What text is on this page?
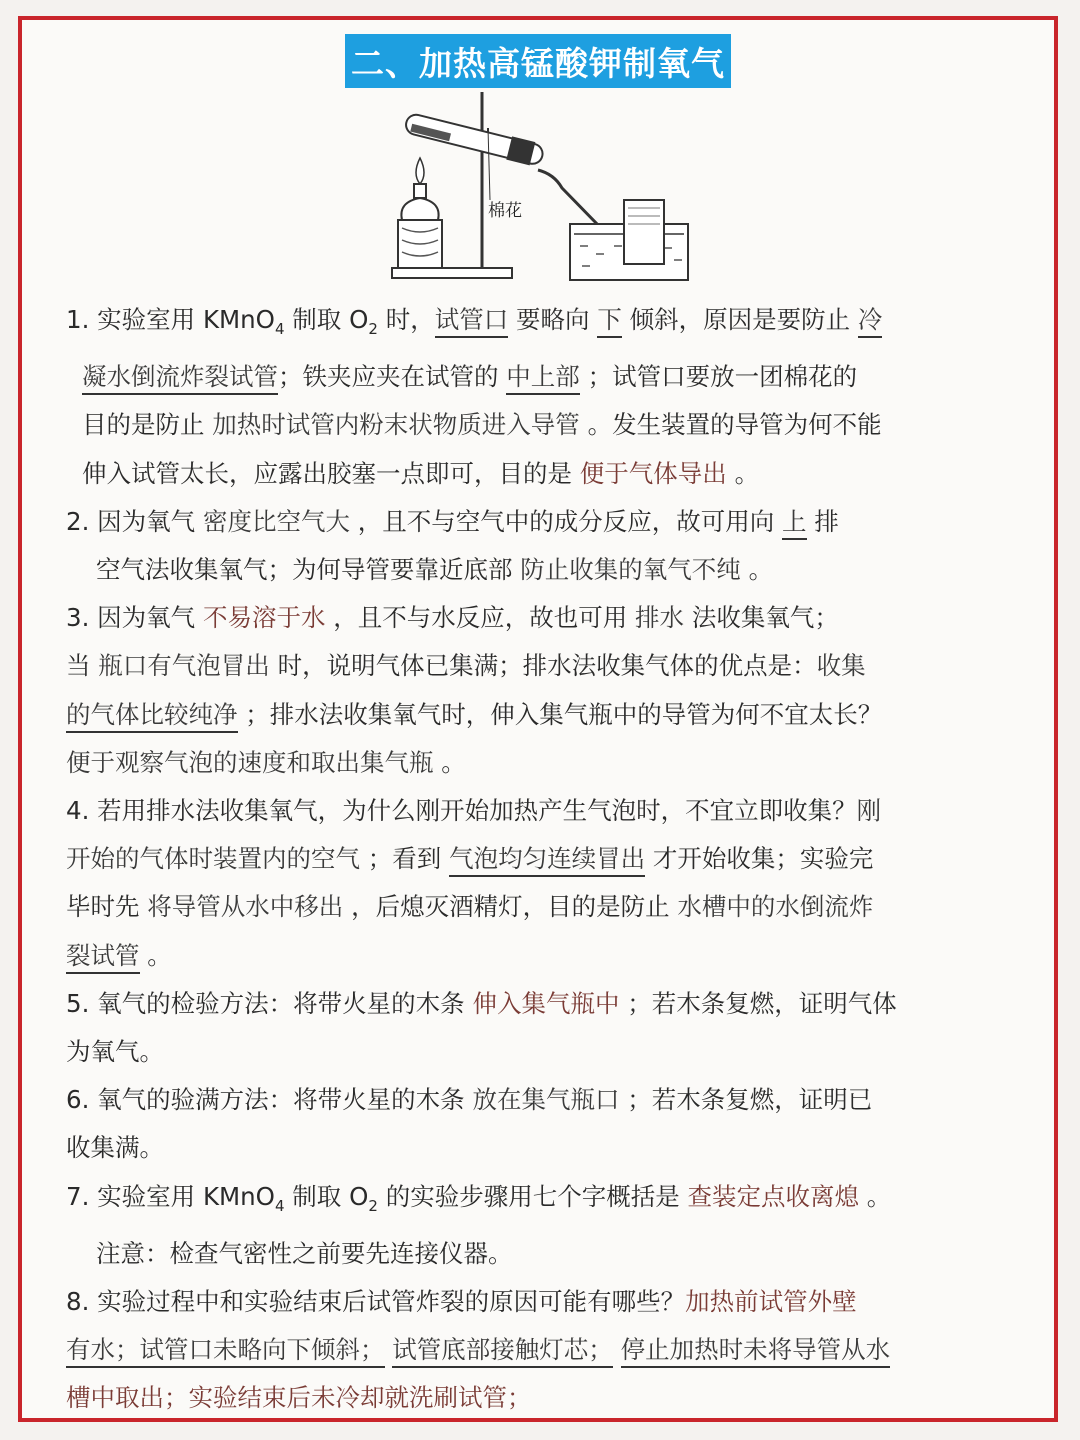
二、加热高锰酸钾制氧气
棉花

1. 实验室用 KMnO$_4$ 制取 $O_2$ 时，试管口 要略向 下 倾斜，原因是要防止 冷

凝水倒流炸裂试管；铁夹应夹在试管的 中上部 ；试管口要放一团棉花的

目的是防止 加热时试管内粉末状物质进入导管 。发生装置的导管为何不能

伸入试管太长，应露出胶塞一点即可，目的是 便于气体导出 。

2. 因为氧气 密度比空气大 ，且不与空气中的成分反应，故可用向 上 排

空气法收集氧气；为何导管要靠近底部 防止收集的氧气不纯 。

3. 因为氧气 不易溶于水 ，且不与水反应，故也可用 排水 法收集氧气；

当 瓶口有气泡冒出 时，说明气体已集满；排水法收集气体的优点是：收集

的气体比较纯净 ；排水法收集氧气时，伸入集气瓶中的导管为何不宜太长？

便于观察气泡的速度和取出集气瓶 。

4. 若用排水法收集氧气，为什么刚开始加热产生气泡时，不宜立即收集？刚

开始的气体时装置内的空气 ；看到 气泡均匀连续冒出 才开始收集；实验完

毕时先 将导管从水中移出 ，后熄灭酒精灯，目的是防止 水槽中的水倒流炸

裂试管 。

5. 氧气的检验方法：将带火星的木条 伸入集气瓶中 ；若木条复燃，证明气体

为氧气。

6. 氧气的验满方法：将带火星的木条 放在集气瓶口 ；若木条复燃，证明已

收集满。

7. 实验室用 KMnO$_4$ 制取 $O_2$ 的实验步骤用七个字概括是 查装定点收离熄 。

注意：检查气密性之前要先连接仪器。

8. 实验过程中和实验结束后试管炸裂的原因可能有哪些？加热前试管外壁

有水；试管口未略向下倾斜； 试管底部接触灯芯； 停止加热时未将导管从水

槽中取出；实验结束后未冷却就洗刷试管；
